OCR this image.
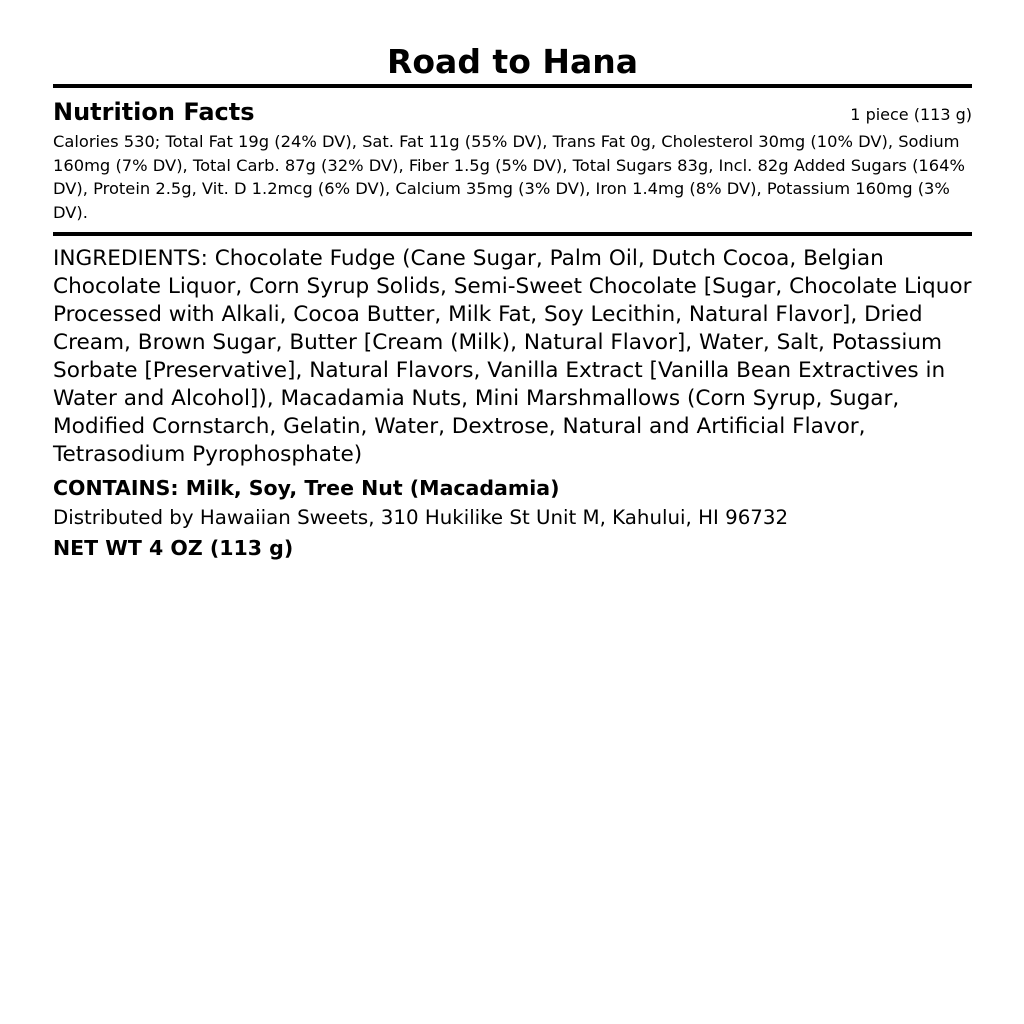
Road to Hana
Nutrition Facts	1 piece (113 g)
Calories 530; Total Fat 19g (24% DV), Sat. Fat 11g (55% DV), Trans Fat 0g, Cholesterol 30mg (10% DV), Sodium 160mg (7% DV), Total Carb. 87g (32% DV), Fiber 1.5g (5% DV), Total Sugars 83g, Incl. 82g Added Sugars (164% DV), Protein 2.5g, Vit. D 1.2mcg (6% DV), Calcium 35mg (3% DV), Iron 1.4mg (8% DV), Potassium 160mg (3% DV).
INGREDIENTS: Chocolate Fudge (Cane Sugar, Palm Oil, Dutch Cocoa, Belgian Chocolate Liquor, Corn Syrup Solids, Semi-Sweet Chocolate [Sugar, Chocolate Liquor Processed with Alkali, Cocoa Butter, Milk Fat, Soy Lecithin, Natural Flavor], Dried Cream, Brown Sugar, Butter [Cream (Milk), Natural Flavor], Water, Salt, Potassium Sorbate [Preservative], Natural Flavors, Vanilla Extract [Vanilla Bean Extractives in Water and Alcohol]), Macadamia Nuts, Mini Marshmallows (Corn Syrup, Sugar, Modified Cornstarch, Gelatin, Water, Dextrose, Natural and Artificial Flavor, Tetrasodium Pyrophosphate)
CONTAINS: Milk, Soy, Tree Nut (Macadamia)
Distributed by Hawaiian Sweets, 310 Hukilike St Unit M, Kahului, HI 96732
NET WT 4 OZ (113 g)
